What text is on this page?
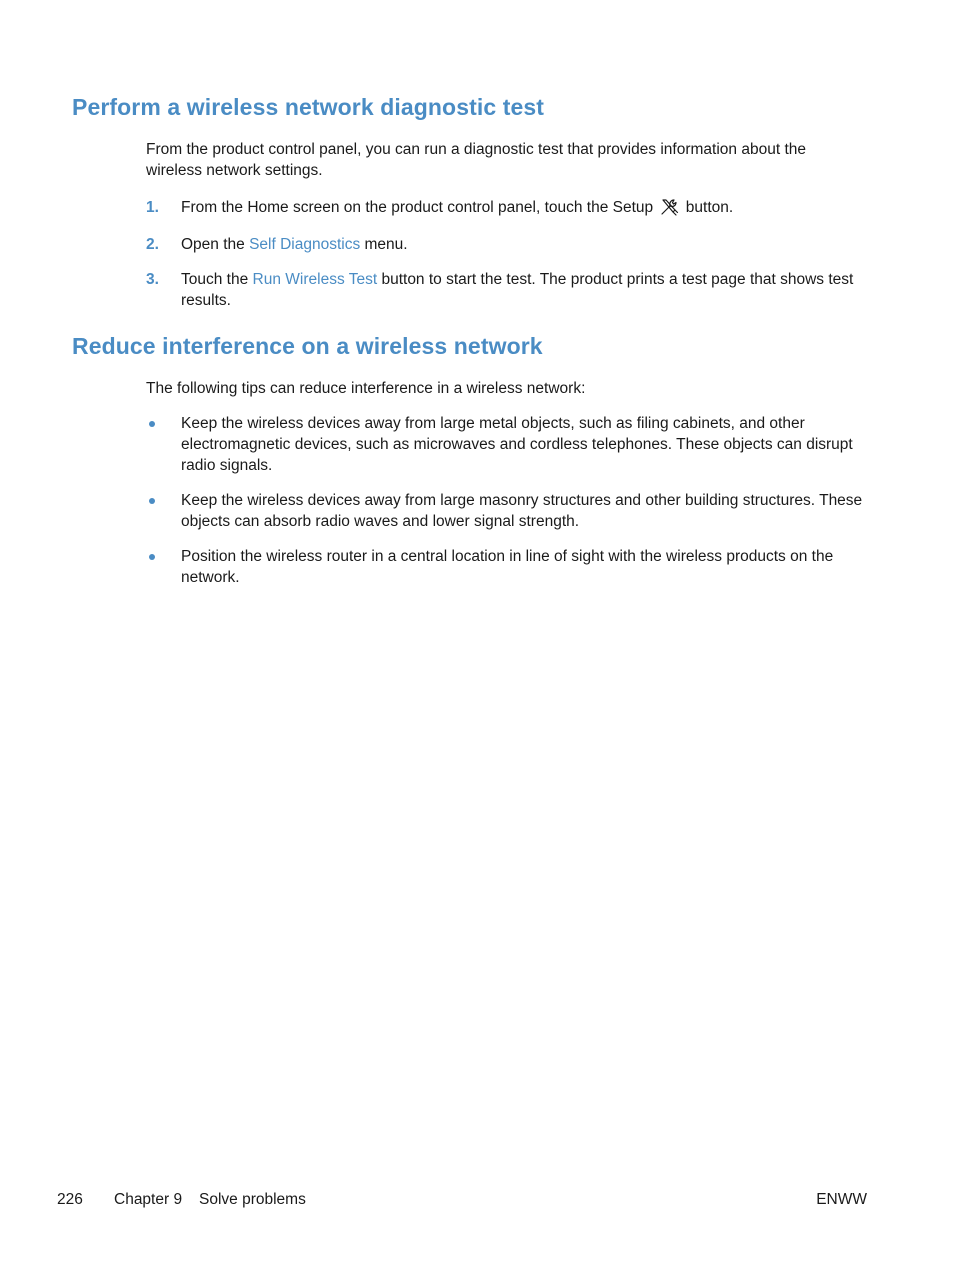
Perform a wireless network diagnostic test

From the product control panel, you can run a diagnostic test that provides information about the wireless network settings.

1. From the Home screen on the product control panel, touch the Setup  button.

2. Open the Self Diagnostics menu.

3. Touch the Run Wireless Test button to start the test. The product prints a test page that shows test results.

Reduce interference on a wireless network

The following tips can reduce interference in a wireless network:

Keep the wireless devices away from large metal objects, such as filing cabinets, and other electromagnetic devices, such as microwaves and cordless telephones. These objects can disrupt radio signals.

Keep the wireless devices away from large masonry structures and other building structures. These objects can absorb radio waves and lower signal strength.

Position the wireless router in a central location in line of sight with the wireless products on the network.

226 Chapter 9 Solve problems	ENWW
